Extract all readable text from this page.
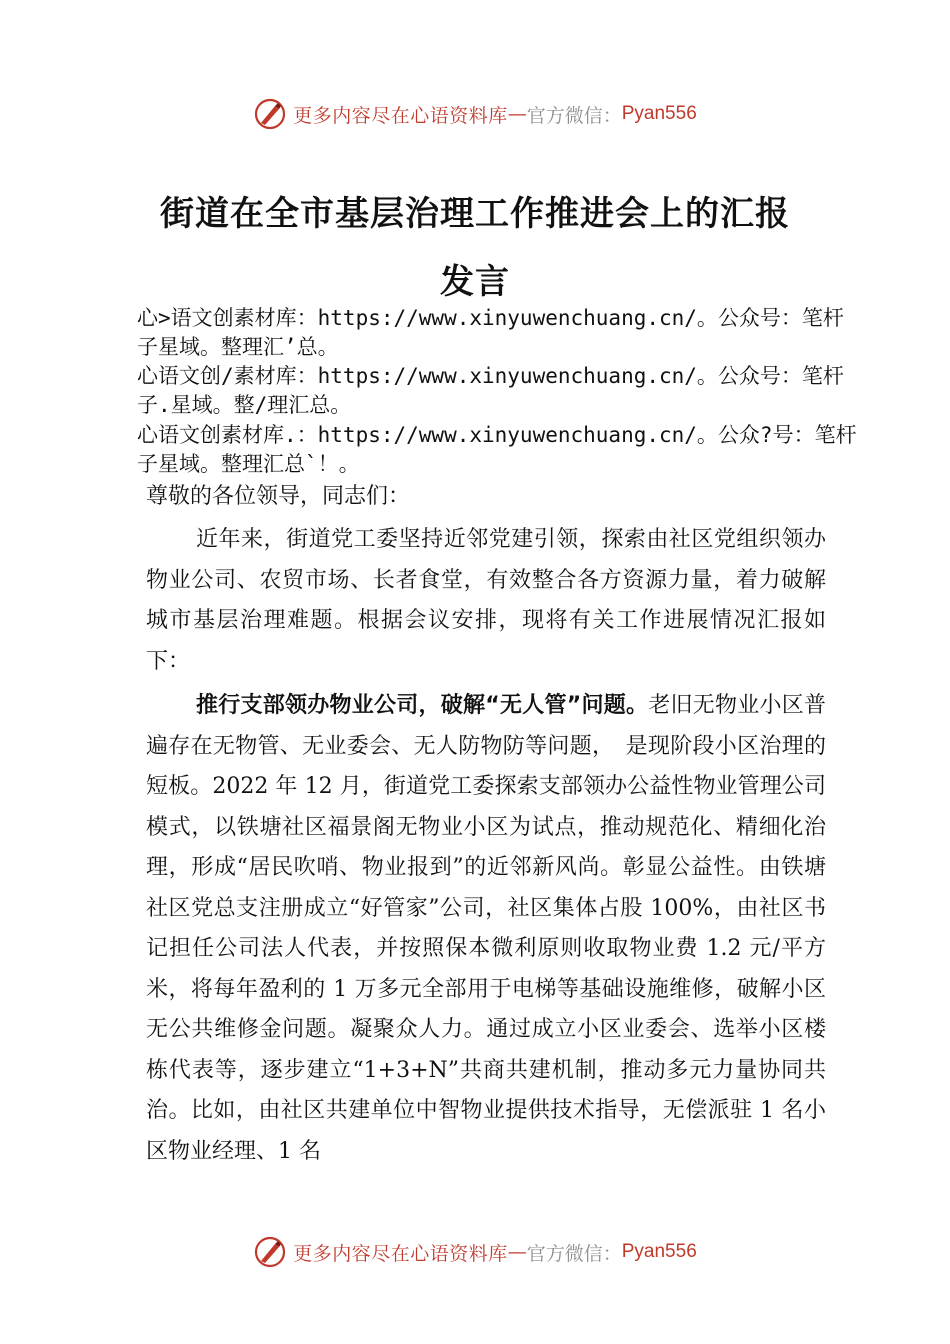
更多内容尽在心语资料库 — 官方微信： Pyan556
街道在全市基层治理工作推进会上的汇报
发言
心>语文创素材库：https://www.xinyuwenchuang.cn/。公众号：笔杆子星域。整理汇’总。
心语文创/素材库：https://www.xinyuwenchuang.cn/。公众号：笔杆子.星域。整/理汇总。
心语文创素材库.：https://www.xinyuwenchuang.cn/。公众?号：笔杆子星域。整理汇总`！。
尊敬的各位领导，同志们：
近年来，街道党工委坚持近邻党建引领，探索由社区党组织领办物业公司、农贸市场、长者食堂，有效整合各方资源力量，着力破解城市基层治理难题。根据会议安排，现将有关工作进展情况汇报如下：
推行支部领办物业公司，破解“无人管”问题。老旧无物业小区普遍存在无物管、无业委会、无人防物防等问题，　是现阶段小区治理的短板。2022 年 12 月，街道党工委探索支部领办公益性物业管理公司模式，以铁塘社区福景阁无物业小区为试点，推动规范化、精细化治理，形成“居民吹哨、物业报到”的近邻新风尚。彰显公益性。由铁塘社区党总支注册成立“好管家”公司，社区集体占股 100%，由社区书记担任公司法人代表，并按照保本微利原则收取物业费 1.2 元/平方米，将每年盈利的 1 万多元全部用于电梯等基础设施维修，破解小区无公共维修金问题。凝聚众人力。通过成立小区业委会、选举小区楼栋代表等，逐步建立“1+3+N”共商共建机制，推动多元力量协同共治。比如，由社区共建单位中智物业提供技术指导，无偿派驻 1 名小区物业经理、1 名
更多内容尽在心语资料库 — 官方微信： Pyan556
